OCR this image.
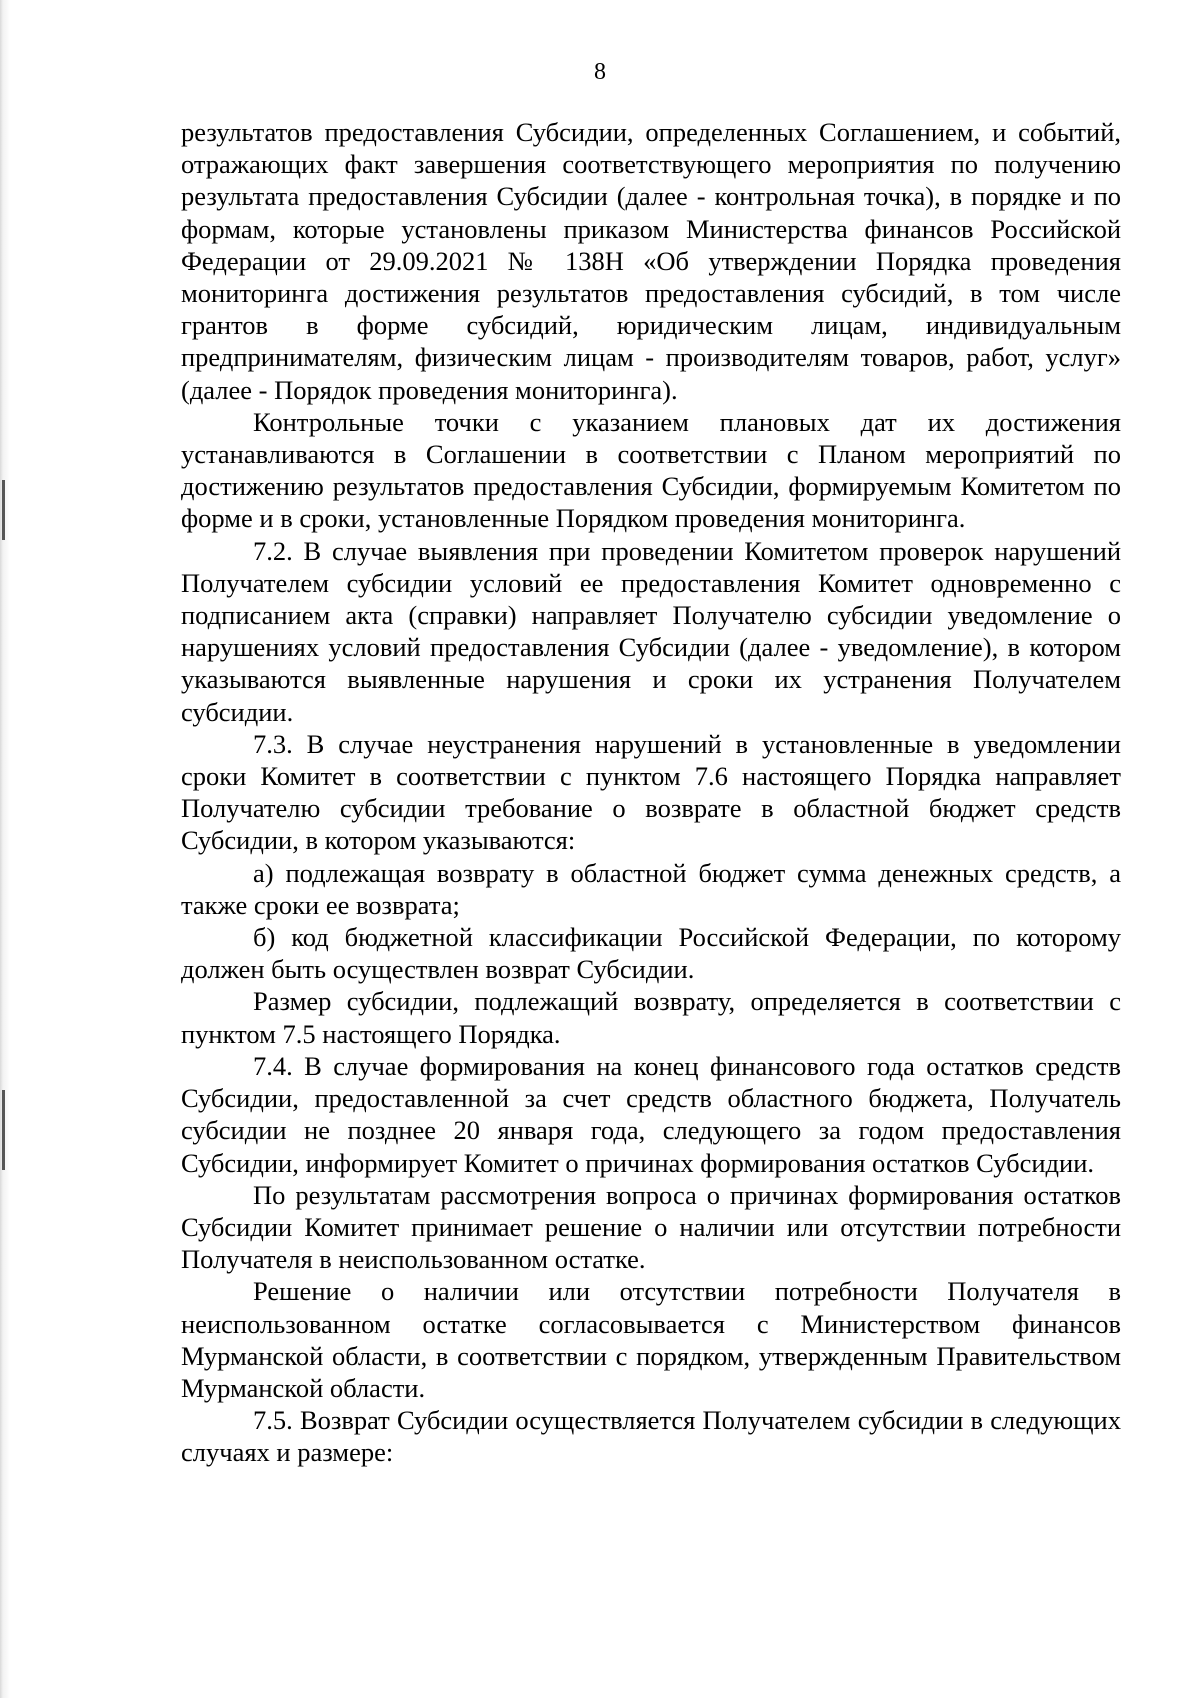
8

результатов предоставления Субсидии, определенных Соглашением, и событий, отражающих факт завершения соответствующего мероприятия по получению результата предоставления Субсидии (далее - контрольная точка), в порядке и по формам, которые установлены приказом Министерства финансов Российской Федерации от 29.09.2021 № 138Н «Об утверждении Порядка проведения мониторинга достижения результатов предоставления субсидий, в том числе грантов в форме субсидий, юридическим лицам, индивидуальным предпринимателям, физическим лицам - производителям товаров, работ, услуг» (далее - Порядок проведения мониторинга).

Контрольные точки с указанием плановых дат их достижения устанавливаются в Соглашении в соответствии с Планом мероприятий по достижению результатов предоставления Субсидии, формируемым Комитетом по форме и в сроки, установленные Порядком проведения мониторинга.

7.2. В случае выявления при проведении Комитетом проверок нарушений Получателем субсидии условий ее предоставления Комитет одновременно с подписанием акта (справки) направляет Получателю субсидии уведомление о нарушениях условий предоставления Субсидии (далее - уведомление), в котором указываются выявленные нарушения и сроки их устранения Получателем субсидии.

7.3. В случае неустранения нарушений в установленные в уведомлении сроки Комитет в соответствии с пунктом 7.6 настоящего Порядка направляет Получателю субсидии требование о возврате в областной бюджет средств Субсидии, в котором указываются:

а) подлежащая возврату в областной бюджет сумма денежных средств, а также сроки ее возврата;

б) код бюджетной классификации Российской Федерации, по которому должен быть осуществлен возврат Субсидии.

Размер субсидии, подлежащий возврату, определяется в соответствии с пунктом 7.5 настоящего Порядка.

7.4. В случае формирования на конец финансового года остатков средств Субсидии, предоставленной за счет средств областного бюджета, Получатель субсидии не позднее 20 января года, следующего за годом предоставления Субсидии, информирует Комитет о причинах формирования остатков Субсидии.

По результатам рассмотрения вопроса о причинах формирования остатков Субсидии Комитет принимает решение о наличии или отсутствии потребности Получателя в неиспользованном остатке.

Решение о наличии или отсутствии потребности Получателя в неиспользованном остатке согласовывается с Министерством финансов Мурманской области, в соответствии с порядком, утвержденным Правительством Мурманской области.

7.5. Возврат Субсидии осуществляется Получателем субсидии в следующих случаях и размере:
